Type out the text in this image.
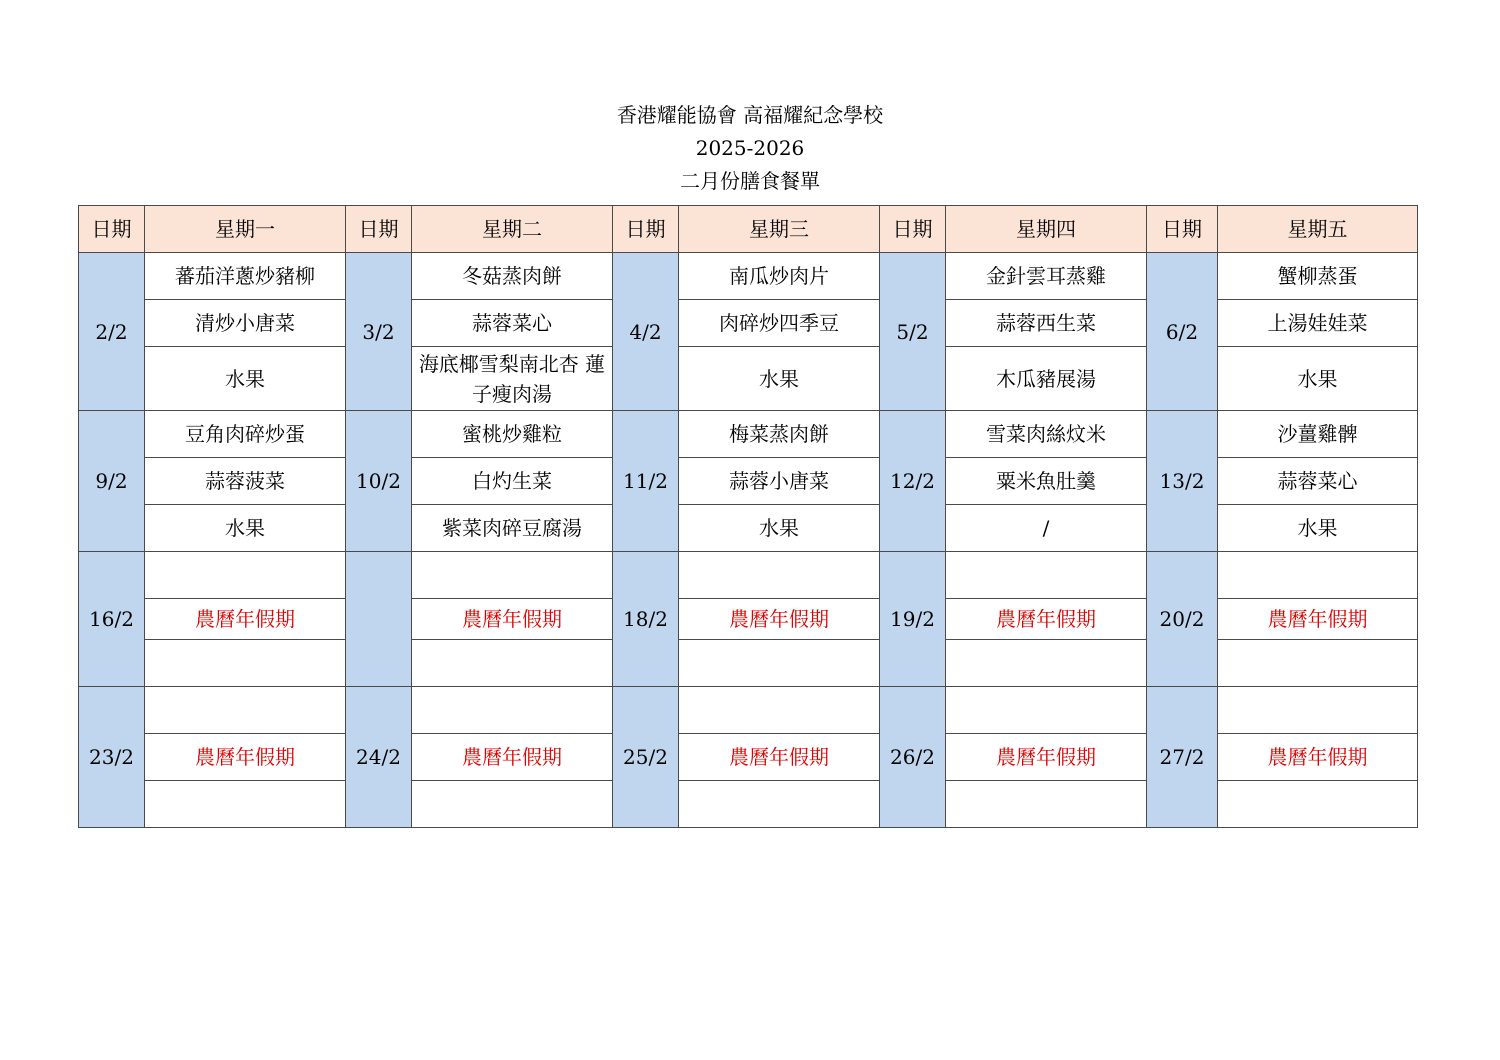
香港耀能協會 高福耀紀念學校
2025-2026
二月份膳食餐單
日期	星期一	日期	星期二	日期	星期三	日期	星期四	日期	星期五
2/2	蕃茄洋蔥炒豬柳	3/2	冬菇蒸肉餅	4/2	南瓜炒肉片	5/2	金針雲耳蒸雞	6/2	蟹柳蒸蛋
	清炒小唐菜		蒜蓉菜心		肉碎炒四季豆		蒜蓉西生菜		上湯娃娃菜
	水果		海底椰雪梨南北杏 蓮子瘦肉湯		水果		木瓜豬展湯		水果
9/2	豆角肉碎炒蛋	10/2	蜜桃炒雞粒	11/2	梅菜蒸肉餅	12/2	雪菜肉絲炆米	13/2	沙薑雞髀
	蒜蓉菠菜		白灼生菜		蒜蓉小唐菜		粟米魚肚羹		蒜蓉菜心
	水果		紫菜肉碎豆腐湯		水果		/		水果
16/2				18/2		19/2		20/2	
	農曆年假期		農曆年假期		農曆年假期		農曆年假期		農曆年假期

23/2		24/2		25/2		26/2		27/2	
	農曆年假期		農曆年假期		農曆年假期		農曆年假期		農曆年假期
